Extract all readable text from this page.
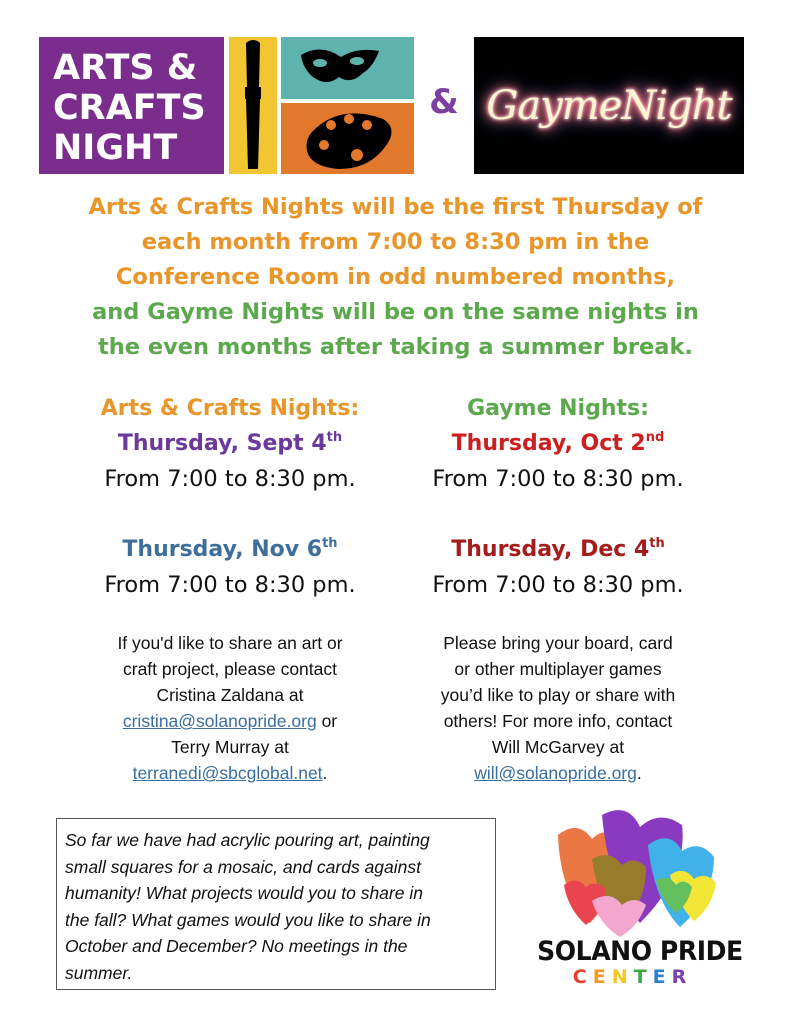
ARTS &
CRAFTS
NIGHT
& GaymeNight
Arts & Crafts Nights will be the first Thursday of
each month from 7:00 to 8:30 pm in the
Conference Room in odd numbered months,
and Gayme Nights will be on the same nights in
the even months after taking a summer break.
Arts & Crafts Nights:
Thursday, Sept 4th
From 7:00 to 8:30 pm.
Thursday, Nov 6th
From 7:00 to 8:30 pm.
If you'd like to share an art or
craft project, please contact
Cristina Zaldana at
cristina@solanopride.org or
Terry Murray at
terranedi@sbcglobal.net.
Gayme Nights:
Thursday, Oct 2nd
From 7:00 to 8:30 pm.
Thursday, Dec 4th
From 7:00 to 8:30 pm.
Please bring your board, card
or other multiplayer games
you’d like to play or share with
others! For more info, contact
Will McGarvey at
will@solanopride.org.
So far we have had acrylic pouring art, painting
small squares for a mosaic, and cards against
humanity! What projects would you to share in
the fall? What games would you like to share in
October and December? No meetings in the
summer.
SOLANO PRIDE
CENTER
